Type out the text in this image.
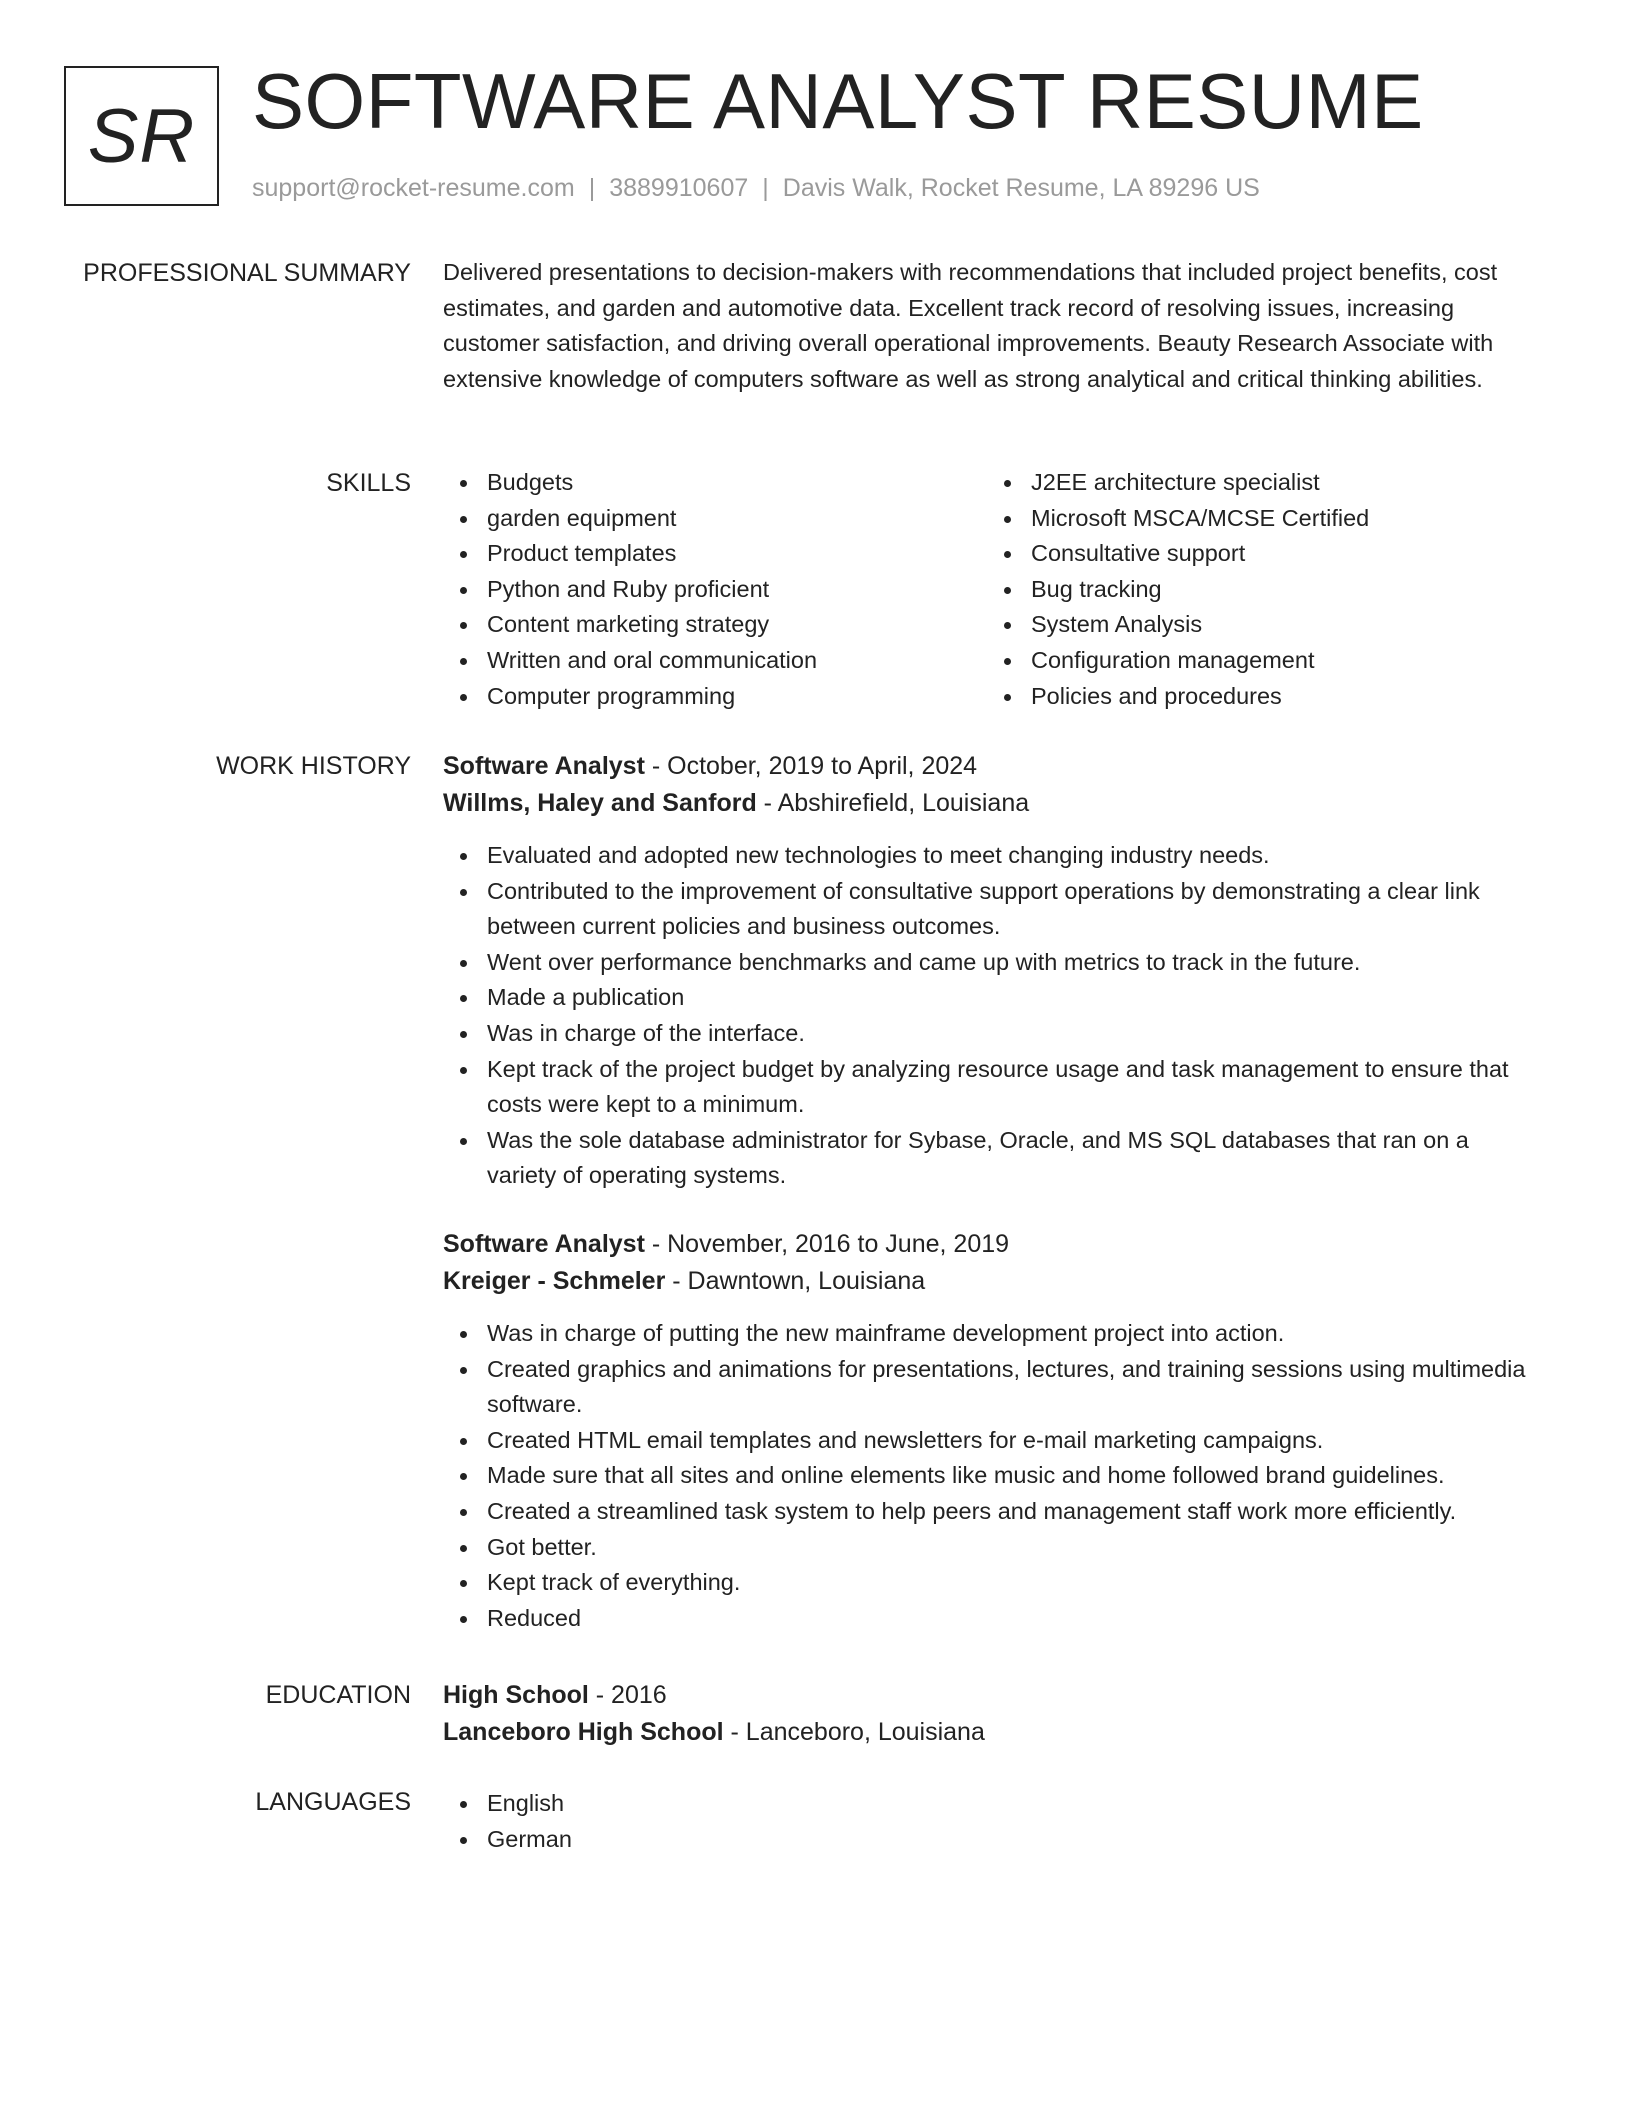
SR SOFTWARE ANALYST RESUME
support@rocket-resume.com | 3889910607 | Davis Walk, Rocket Resume, LA 89296 US
PROFESSIONAL SUMMARY Delivered presentations to decision-makers with recommendations that included project benefits, cost estimates, and garden and automotive data. Excellent track record of resolving issues, increasing customer satisfaction, and driving overall operational improvements. Beauty Research Associate with extensive knowledge of computers software as well as strong analytical and critical thinking abilities.

SKILLS	Budgets
garden equipment
Product templates
Python and Ruby proficient
Content marketing strategy
Written and oral communication
Computer programming
J2EE architecture specialist
Microsoft MSCA/MCSE Certified
Consultative support
Bug tracking
System Analysis
Configuration management
Policies and procedures
WORK HISTORY Software Analyst - October, 2019 to April, 2024
Willms, Haley and Sanford - Abshirefield, Louisiana
Evaluated and adopted new technologies to meet changing industry needs.
Contributed to the improvement of consultative support operations by demonstrating a clear link between current policies and business outcomes.
Went over performance benchmarks and came up with metrics to track in the future.
Made a publication
Was in charge of the interface.
Kept track of the project budget by analyzing resource usage and task management to ensure that costs were kept to a minimum.
Was the sole database administrator for Sybase, Oracle, and MS SQL databases that ran on a variety of operating systems.
Software Analyst - November, 2016 to June, 2019
Kreiger - Schmeler - Dawntown, Louisiana
Was in charge of putting the new mainframe development project into action.
Created graphics and animations for presentations, lectures, and training sessions using multimedia software.
Created HTML email templates and newsletters for e-mail marketing campaigns.
Made sure that all sites and online elements like music and home followed brand guidelines.
Created a streamlined task system to help peers and management staff work more efficiently.
Got better.
Kept track of everything.
Reduced
EDUCATION High School - 2016
Lanceboro High School - Lanceboro, Louisiana
LANGUAGES	English
German
